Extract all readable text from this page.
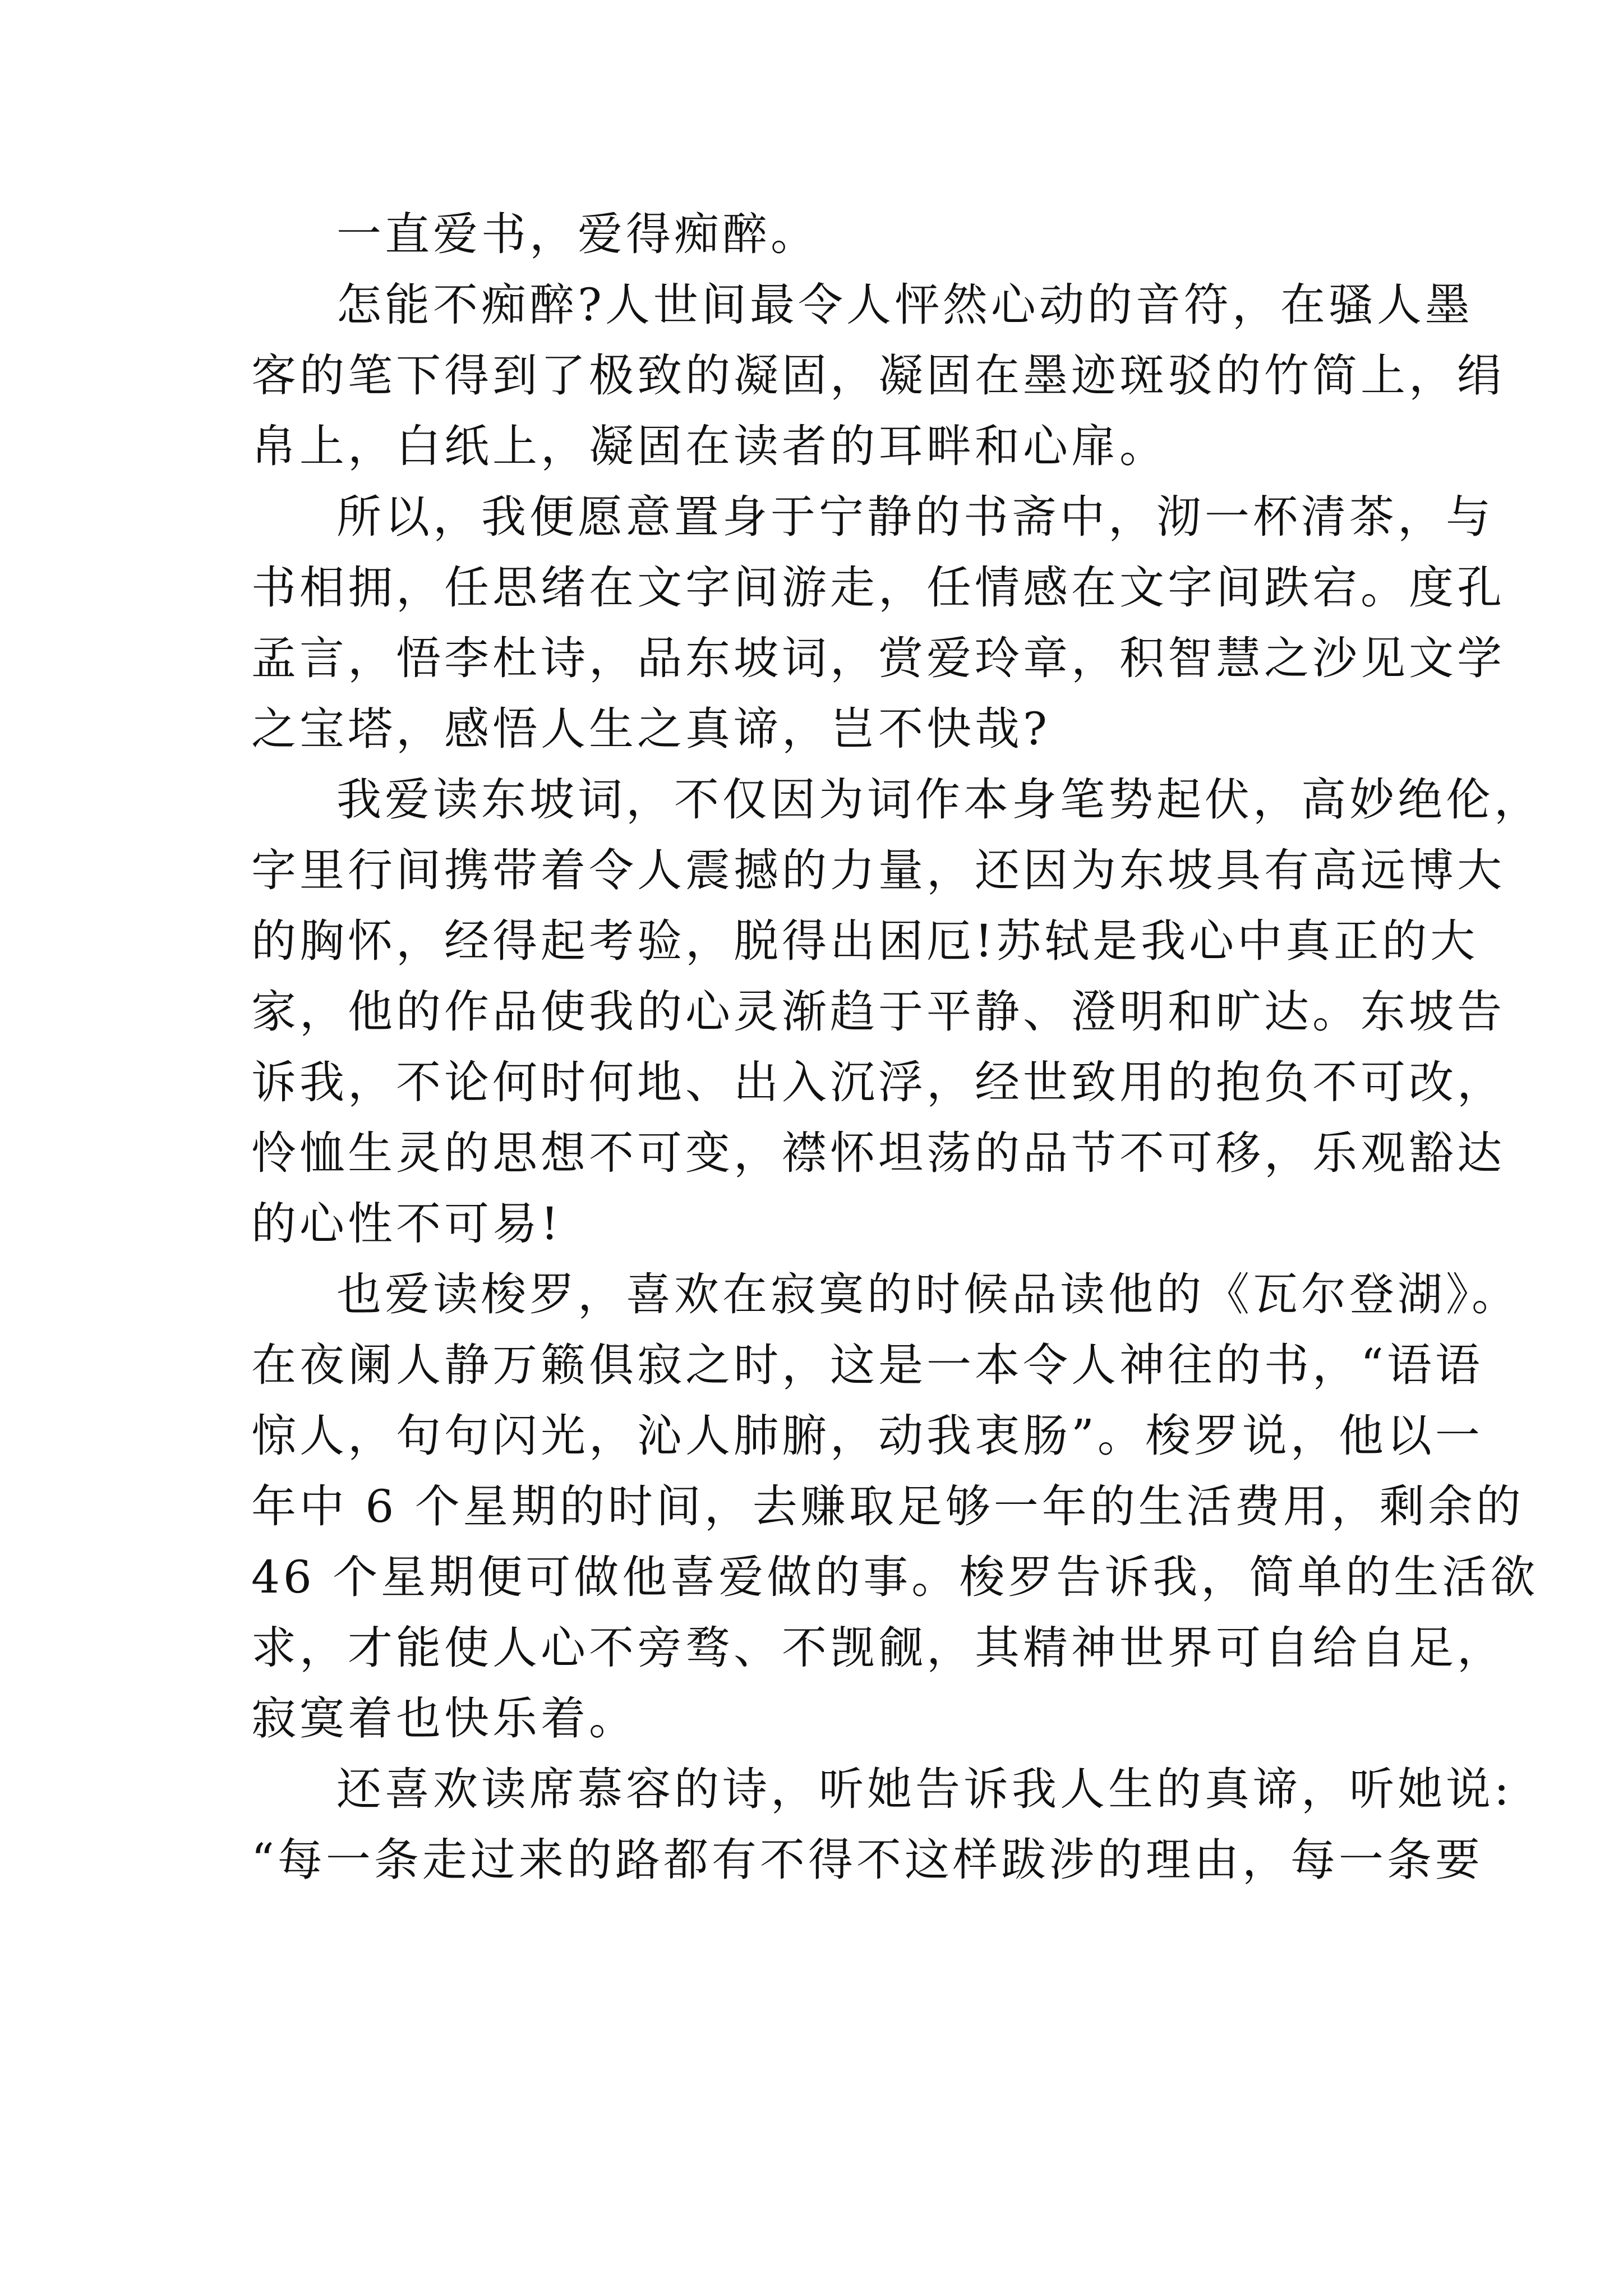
一直爱书，爱得痴醉。
怎能不痴醉?人世间最令人怦然心动的音符，在骚人墨
客的笔下得到了极致的凝固，凝固在墨迹斑驳的竹简上，绢
帛上，白纸上，凝固在读者的耳畔和心扉。
所以，我便愿意置身于宁静的书斋中，沏一杯清茶，与
书相拥，任思绪在文字间游走，任情感在文字间跌宕。度孔
孟言，悟李杜诗，品东坡词，赏爱玲章，积智慧之沙见文学
之宝塔，感悟人生之真谛，岂不快哉?
我爱读东坡词，不仅因为词作本身笔势起伏，高妙绝伦，
字里行间携带着令人震撼的力量，还因为东坡具有高远博大
的胸怀，经得起考验，脱得出困厄!苏轼是我心中真正的大
家，他的作品使我的心灵渐趋于平静、澄明和旷达。东坡告
诉我，不论何时何地、出入沉浮，经世致用的抱负不可改，
怜恤生灵的思想不可变，襟怀坦荡的品节不可移，乐观豁达
的心性不可易!
也爱读梭罗，喜欢在寂寞的时候品读他的《瓦尔登湖》。
在夜阑人静万籁俱寂之时，这是一本令人神往的书，“语语
惊人，句句闪光，沁人肺腑，动我衷肠”。梭罗说，他以一
年中 6 个星期的时间，去赚取足够一年的生活费用，剩余的
46 个星期便可做他喜爱做的事。梭罗告诉我，简单的生活欲
求，才能使人心不旁骛、不觊觎，其精神世界可自给自足，
寂寞着也快乐着。
还喜欢读席慕容的诗，听她告诉我人生的真谛，听她说:
“每一条走过来的路都有不得不这样跋涉的理由，每一条要
